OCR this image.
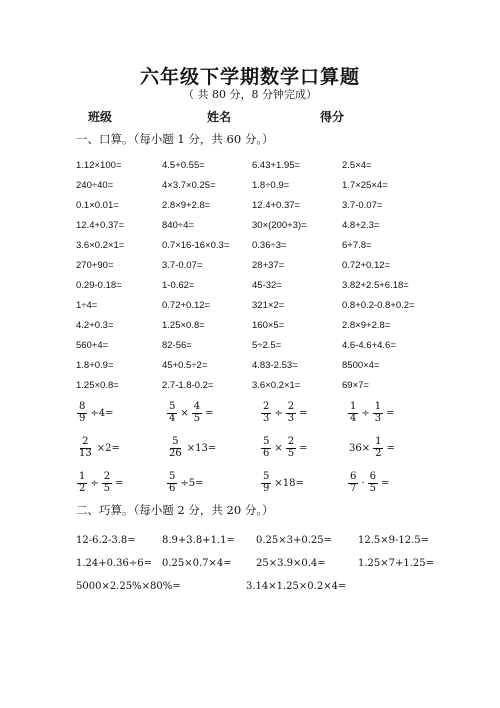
六年级下学期数学口算题
（ 共 80 分，8 分钟完成）
班级	姓名	得分
一、口算。（每小题 1 分，共 60 分。）
1.12×100=	4.5+0.55=	6.43+1.95=	2.5×4=
240÷40=	4×3.7×0.25=	1.8÷0.9=	1.7×25×4=
0.1×0.01=	2.8×9+2.8=	12.4+0.37=	3.7-0.07=
12.4+0.37=	840÷4=	30×(200+3)=	4.8+2.3=
3.6×0.2×1=	0.7×16-16×0.3= 0.36÷3=	6+7.8=
270+90=	3.7-0.07=	28+37=	0.72+0.12=
0.29-0.18=	1-0.62=	45-32=	3.82+2.5+6.18=
1÷4=	0.72+0.12=	321×2=	0.8+0.2-0.8+0.2=
4.2+0.3=	1.25×0.8=	160×5=	2.8×9+2.8=
560+4=	82-56=	5÷2.5=	4.6-4.6+4.6=
1.8+0.9=	45+0.5÷2=	4.83-2.53=	8500×4=
1.25×0.8=	2.7-1.8-0.2=	3.6×0.2×1=	69×7=
$\frac{8}{9} \div 4=$	$\frac{5}{4} \times \frac{4}{5}$ =	$\frac{2}{3} \div \frac{2}{3}$ =	$\frac{1}{4} \div \frac{1}{3}$ =
$\frac{2}{13} \times 2=$	$\frac{5}{26} \times 13=$	$\frac{5}{6} \times \frac{2}{5}$ =	$36\times \frac{1}{2}$ =
$\frac{1}{2} \div \frac{2}{5}$ =	$\frac{5}{6} \div 5=$	$\frac{5}{9} \times 18=$	$\frac{6}{7} \cdot \frac{6}{5}$ =
二、巧算。（每小题 2 分，共 20 分。）
12-6.2-3.8=	8.9+3.8+1.1= 0.25×3+0.25=	12.5×9-12.5=
1.24+0.36÷6= 0.25×0.7×4= 25×3.9×0.4=	1.25×7+1.25=
5000×2.25%×80%=	3.14×1.25×0.2×4=
